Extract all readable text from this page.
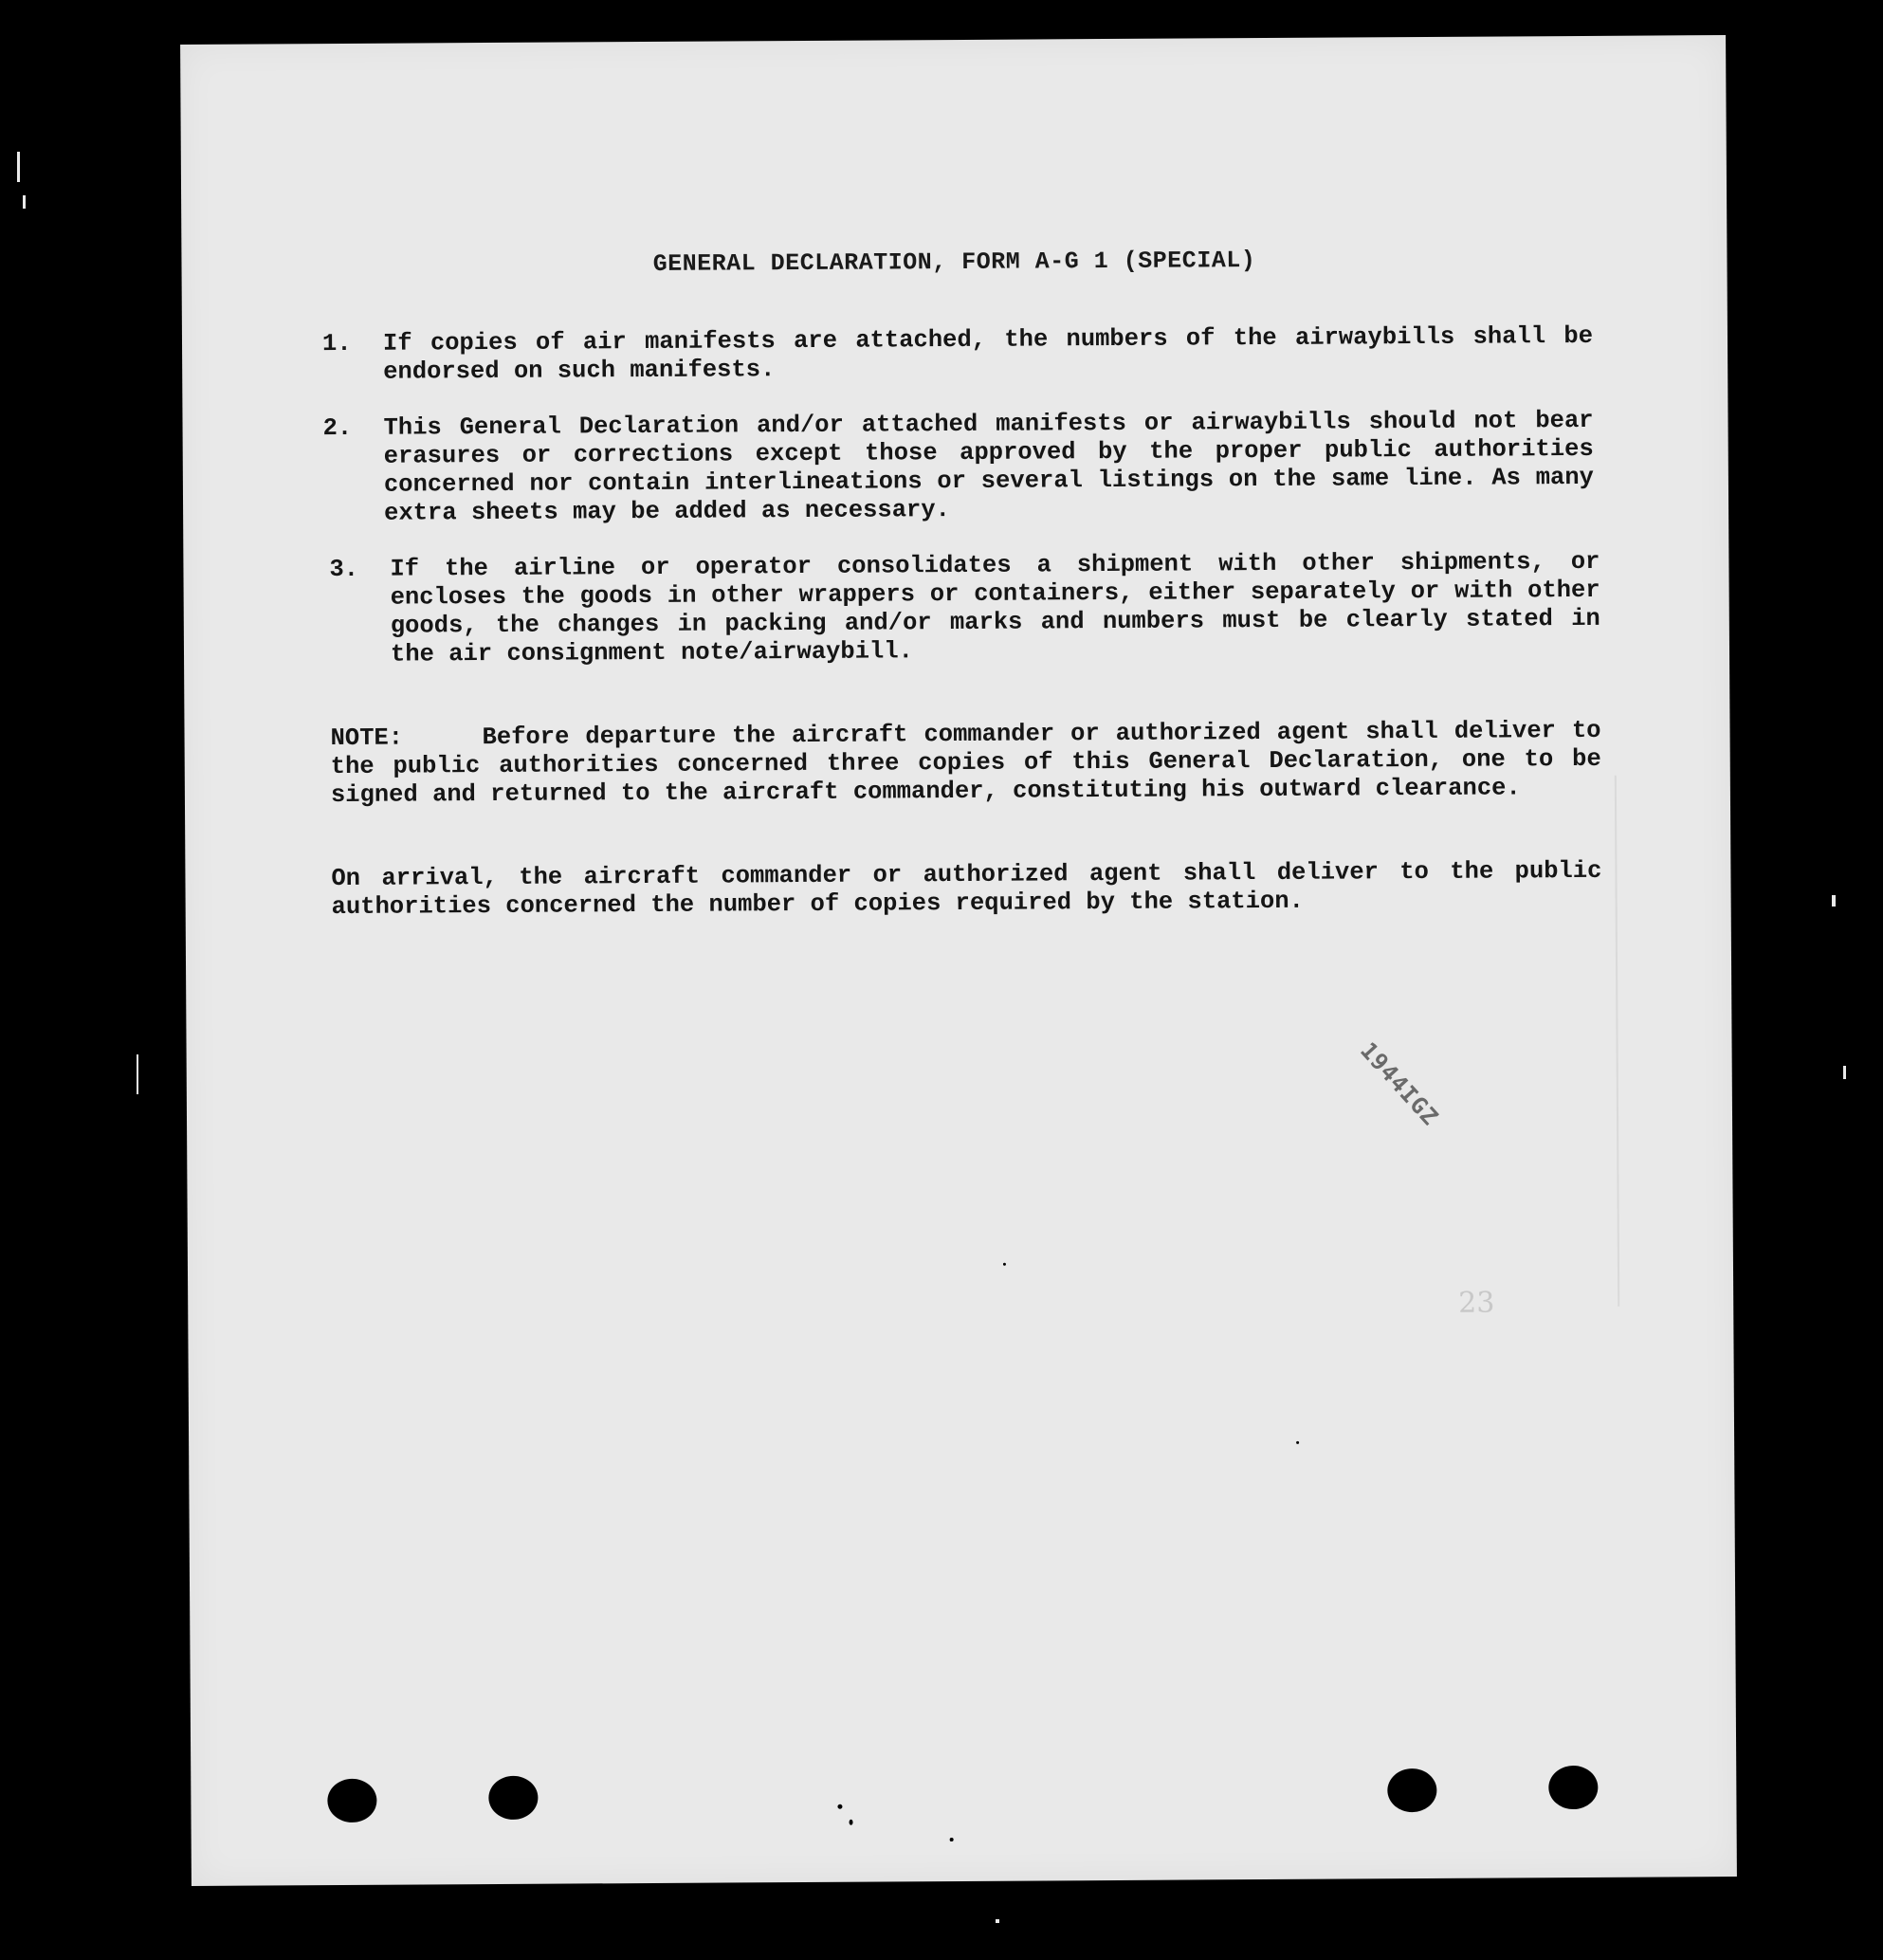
GENERAL DECLARATION, FORM A-G 1 (SPECIAL)
1.	If copies of air manifests are attached, the numbers of the airwaybills shall be endorsed on such manifests.
2.	This General Declaration and/or attached manifests or airwaybills should not bear erasures or corrections except those approved by the proper public authorities concerned nor contain interlineations or several listings on the same line. As many extra sheets may be added as necessary.
3.	If the airline or operator consolidates a shipment with other shipments, or encloses the goods in other wrappers or containers, either separately or with other goods, the changes in packing and/or marks and numbers must be clearly stated in the air consignment note/airwaybill.
NOTE:	Before departure the aircraft commander or authorized agent shall deliver to the public authorities concerned three copies of this General Declaration, one to be signed and returned to the aircraft commander, constituting his outward clearance.
On arrival, the aircraft commander or authorized agent shall deliver to the public authorities concerned the number of copies required by the station.
1944IGZ
23
